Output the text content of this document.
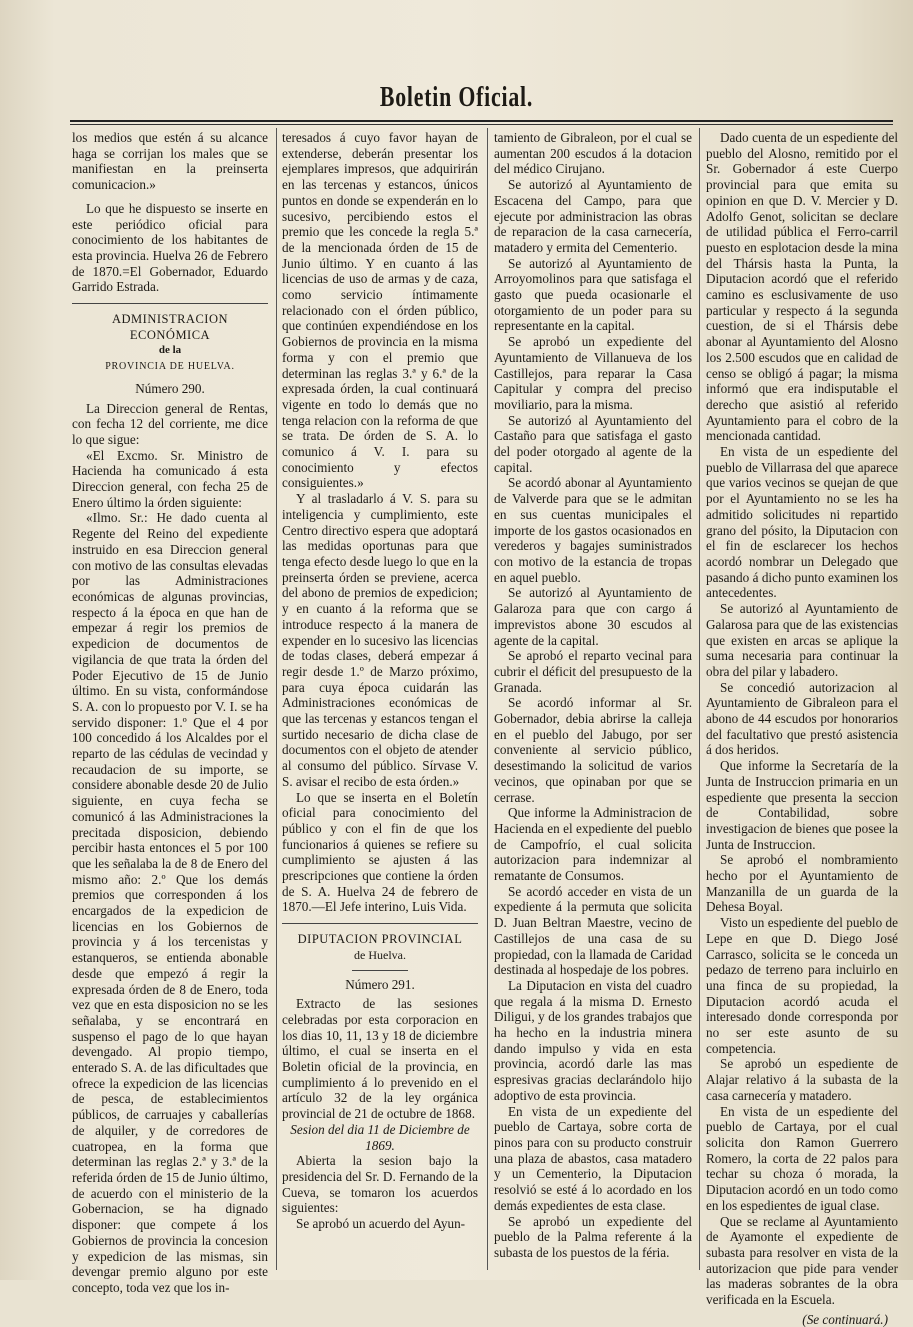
Boletin Oficial.

los medios que estén á su alcance haga se corrijan los males que se manifiestan en la preinserta comunicacion.»

Lo que he dispuesto se inserte en este periódico oficial para conocimiento de los habitantes de esta provincia. Huelva 26 de Febrero de 1870.=El Gobernador, Eduardo Garrido Estrada.

ADMINISTRACION ECONÓMICA

de la

PROVINCIA DE HUELVA.

Número 290.

La Direccion general de Rentas, con fecha 12 del corriente, me dice lo que sigue:

«El Excmo. Sr. Ministro de Hacienda ha comunicado á esta Direccion general, con fecha 25 de Enero último la órden siguiente:

«Ilmo. Sr.: He dado cuenta al Regente del Reino del expediente instruido en esa Direccion general con motivo de las consultas elevadas por las Administraciones económicas de algunas provincias, respecto á la época en que han de empezar á regir los premios de expedicion de documentos de vigilancia de que trata la órden del Poder Ejecutivo de 15 de Junio último. En su vista, conformándose S. A. con lo propuesto por V. I. se ha servido disponer: 1.º Que el 4 por 100 concedido á los Alcaldes por el reparto de las cédulas de vecindad y recaudacion de su importe, se considere abonable desde 20 de Julio siguiente, en cuya fecha se comunicó á las Administraciones la precitada disposicion, debiendo percibir hasta entonces el 5 por 100 que les señalaba la de 8 de Enero del mismo año: 2.º Que los demás premios que corresponden á los encargados de la expedicion de licencias en los Gobiernos de provincia y á los tercenistas y estanqueros, se entienda abonable desde que empezó á regir la expresada órden de 8 de Enero, toda vez que en esta disposicion no se les señalaba, y se encontrará en suspenso el pago de lo que hayan devengado. Al propio tiempo, enterado S. A. de las dificultades que ofrece la expedicion de las licencias de pesca, de establecimientos públicos, de carruajes y caballerías de alquiler, y de corredores de cuatropea, en la forma que determinan las reglas 2.ª y 3.ª de la referida órden de 15 de Junio último, de acuerdo con el ministerio de la Gobernacion, se ha dignado disponer: que compete á los Gobiernos de provincia la concesion y expedicion de las mismas, sin devengar premio alguno por este concepto, toda vez que los in-

teresados á cuyo favor hayan de extenderse, deberán presentar los ejemplares impresos, que adquirirán en las tercenas y estancos, únicos puntos en donde se expenderán en lo sucesivo, percibiendo estos el premio que les concede la regla 5.ª de la mencionada órden de 15 de Junio último. Y en cuanto á las licencias de uso de armas y de caza, como servicio íntimamente relacionado con el órden público, que continúen expendiéndose en los Gobiernos de provincia en la misma forma y con el premio que determinan las reglas 3.ª y 6.ª de la expresada órden, la cual continuará vigente en todo lo demás que no tenga relacion con la reforma de que se trata. De órden de S. A. lo comunico á V. I. para su conocimiento y efectos consiguientes.»

Y al trasladarlo á V. S. para su inteligencia y cumplimiento, este Centro directivo espera que adoptará las medidas oportunas para que tenga efecto desde luego lo que en la preinserta órden se previene, acerca del abono de premios de expedicion; y en cuanto á la reforma que se introduce respecto á la manera de expender en lo sucesivo las licencias de todas clases, deberá empezar á regir desde 1.º de Marzo próximo, para cuya época cuidarán las Administraciones económicas de que las tercenas y estancos tengan el surtido necesario de dicha clase de documentos con el objeto de atender al consumo del público. Sírvase V. S. avisar el recibo de esta órden.»

Lo que se inserta en el Boletín oficial para conocimiento del público y con el fin de que los funcionarios á quienes se refiere su cumplimiento se ajusten á las prescripciones que contiene la órden de S. A. Huelva 24 de febrero de 1870.—El Jefe interino, Luis Vida.

DIPUTACION PROVINCIAL

de Huelva.

Número 291.

Extracto de las sesiones celebradas por esta corporacion en los dias 10, 11, 13 y 18 de diciembre último, el cual se inserta en el Boletin oficial de la provincia, en cumplimiento á lo prevenido en el artículo 32 de la ley orgánica provincial de 21 de octubre de 1868.

Sesion del dia 11 de Diciembre de 1869.

Abierta la sesion bajo la presidencia del Sr. D. Fernando de la Cueva, se tomaron los acuerdos siguientes:

Se aprobó un acuerdo del Ayun-

tamiento de Gibraleon, por el cual se aumentan 200 escudos á la dotacion del médico Cirujano.

Se autorizó al Ayuntamiento de Escacena del Campo, para que ejecute por administracion las obras de reparacion de la casa carnecería, matadero y ermita del Cementerio.

Se autorizó al Ayuntamiento de Arroyomolinos para que satisfaga el gasto que pueda ocasionarle el otorgamiento de un poder para su representante en la capital.

Se aprobó un expediente del Ayuntamiento de Villanueva de los Castillejos, para reparar la Casa Capitular y compra del preciso moviliario, para la misma.

Se autorizó al Ayuntamiento del Castaño para que satisfaga el gasto del poder otorgado al agente de la capital.

Se acordó abonar al Ayuntamiento de Valverde para que se le admitan en sus cuentas municipales el importe de los gastos ocasionados en verederos y bagajes suministrados con motivo de la estancia de tropas en aquel pueblo.

Se autorizó al Ayuntamiento de Galaroza para que con cargo á imprevistos abone 30 escudos al agente de la capital.

Se aprobó el reparto vecinal para cubrir el déficit del presupuesto de la Granada.

Se acordó informar al Sr. Gobernador, debia abrirse la calleja en el pueblo del Jabugo, por ser conveniente al servicio público, desestimando la solicitud de varios vecinos, que opinaban por que se cerrase.

Que informe la Administracion de Hacienda en el expediente del pueblo de Campofrío, el cual solicita autorizacion para indemnizar al rematante de Consumos.

Se acordó acceder en vista de un expediente á la permuta que solicita D. Juan Beltran Maestre, vecino de Castillejos de una casa de su propiedad, con la llamada de Caridad destinada al hospedaje de los pobres.

La Diputacion en vista del cuadro que regala á la misma D. Ernesto Diligui, y de los grandes trabajos que ha hecho en la industria minera dando impulso y vida en esta provincia, acordó darle las mas espresivas gracias declarándolo hijo adoptivo de esta provincia.

En vista de un expediente del pueblo de Cartaya, sobre corta de pinos para con su producto construir una plaza de abastos, casa matadero y un Cementerio, la Diputacion resolvió se esté á lo acordado en los demás expedientes de esta clase.

Se aprobó un expediente del pueblo de la Palma referente á la subasta de los puestos de la féria.

Dado cuenta de un espediente del pueblo del Alosno, remitido por el Sr. Gobernador á este Cuerpo provincial para que emita su opinion en que D. V. Mercier y D. Adolfo Genot, solicitan se declare de utilidad pública el Ferro-carril puesto en esplotacion desde la mina del Thársis hasta la Punta, la Diputacion acordó que el referido camino es esclusivamente de uso particular y respecto á la segunda cuestion, de si el Thársis debe abonar al Ayuntamiento del Alosno los 2.500 escudos que en calidad de censo se obligó á pagar; la misma informó que era indisputable el derecho que asistió al referido Ayuntamiento para el cobro de la mencionada cantidad.

En vista de un espediente del pueblo de Villarrasa del que aparece que varios vecinos se quejan de que por el Ayuntamiento no se les ha admitido solicitudes ni repartido grano del pósito, la Diputacion con el fin de esclarecer los hechos acordó nombrar un Delegado que pasando á dicho punto examinen los antecedentes.

Se autorizó al Ayuntamiento de Galarosa para que de las existencias que existen en arcas se aplique la suma necesaria para continuar la obra del pilar y labadero.

Se concedió autorizacion al Ayuntamiento de Gibraleon para el abono de 44 escudos por honorarios del facultativo que prestó asistencia á dos heridos.

Que informe la Secretaría de la Junta de Instruccion primaria en un espediente que presenta la seccion de Contabilidad, sobre investigacion de bienes que posee la Junta de Instruccion.

Se aprobó el nombramiento hecho por el Ayuntamiento de Manzanilla de un guarda de la Dehesa Boyal.

Visto un espediente del pueblo de Lepe en que D. Diego José Carrasco, solicita se le conceda un pedazo de terreno para incluirlo en una finca de su propiedad, la Diputacion acordó acuda el interesado donde corresponda por no ser este asunto de su competencia.

Se aprobó un espediente de Alajar relativo á la subasta de la casa carnecería y matadero.

En vista de un espediente del pueblo de Cartaya, por el cual solicita don Ramon Guerrero Romero, la corta de 22 palos para techar su choza ó morada, la Diputacion acordó en un todo como en los espedientes de igual clase.

Que se reclame al Ayuntamiento de Ayamonte el expediente de subasta para resolver en vista de la autorizacion que pide para vender las maderas sobrantes de la obra verificada en la Escuela.

(Se continuará.)
